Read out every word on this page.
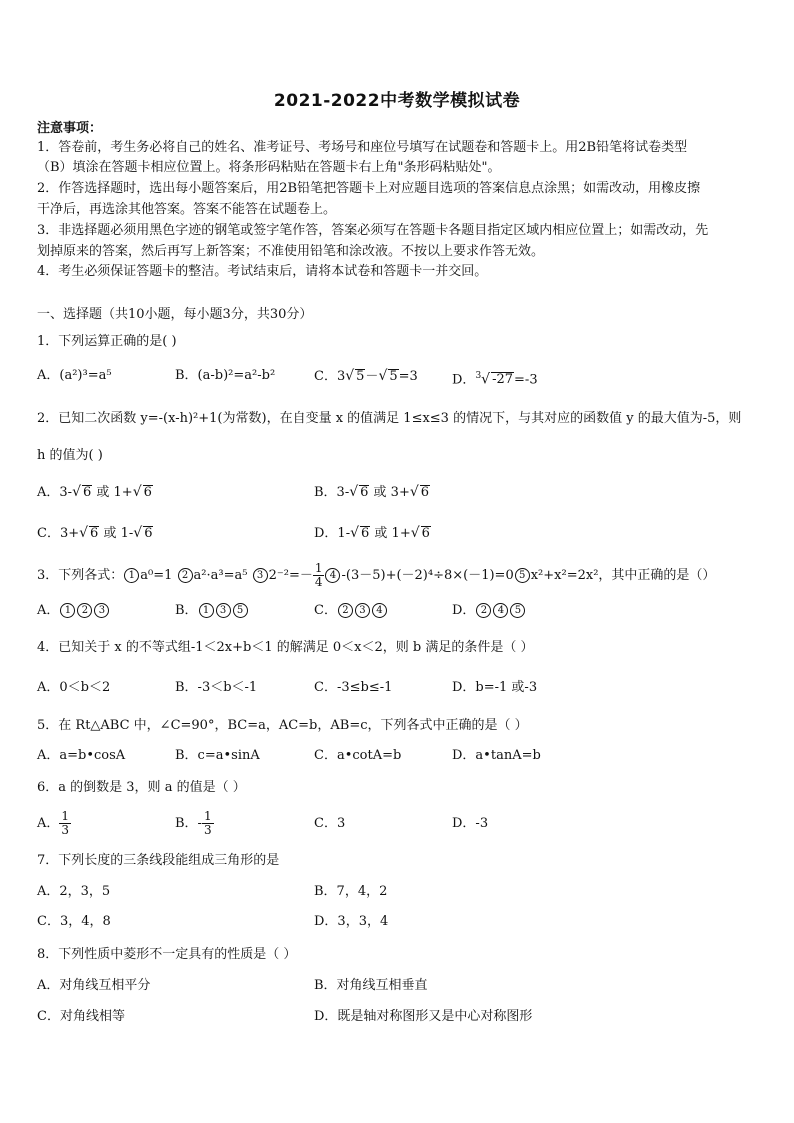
2021-2022中考数学模拟试卷
注意事项：
1．答卷前，考生务必将自己的姓名、准考证号、考场号和座位号填写在试题卷和答题卡上。用2B铅笔将试卷类型
（B）填涂在答题卡相应位置上。将条形码粘贴在答题卡右上角"条形码粘贴处"。
2．作答选择题时，选出每小题答案后，用2B铅笔把答题卡上对应题目选项的答案信息点涂黑；如需改动，用橡皮擦
干净后，再选涂其他答案。答案不能答在试题卷上。
3．非选择题必须用黑色字迹的钢笔或签字笔作答，答案必须写在答题卡各题目指定区域内相应位置上；如需改动，先
划掉原来的答案，然后再写上新答案；不准使用铅笔和涂改液。不按以上要求作答无效。
4．考生必须保证答题卡的整洁。考试结束后，请将本试卷和答题卡一并交回。
一、选择题（共10小题，每小题3分，共30分）
1．下列运算正确的是( )
A．(a²)³=a⁵	B．(a-b)²=a²-b²	C．3√ 5－√ 5=3	D．$^3$√ -27=-3
2．已知二次函数 y=-(x-h)²+1(为常数)，在自变量 x 的值满足 1≤x≤3 的情况下，与其对应的函数值 y 的最大值为-5，则
h 的值为( )
A．3-√ 6 或 1+√ 6	B．3-√ 6 或 3+√ 6
C．3+√ 6 或 1-√ 6	D．1-√ 6 或 1+√ 6
3．下列各式： 1 a⁰=1 2 a²·a³=a⁵ 3 $2^{-2}=- \frac{1}{4} 4$ -(3－5)+(－2)⁴÷8×(－1)=0 5 x²+x²=2x²，其中正确的是（）
A． 1 2 3	B． 1 3 5	C． 2 3 4	D． 2 4 5
4．已知关于 x 的不等式组-1＜2x+b＜1 的解满足 0＜x＜2，则 b 满足的条件是（ ）
A．0＜b＜2	B．-3＜b＜-1	C．-3≤b≤-1	D．b=-1 或-3
5．在 Rt△ABC 中，∠C=90°，BC=a，AC=b，AB=c，下列各式中正确的是（ ）
A．a=b•cosA	B．c=a•sinA	C．a•cotA=b	D．a•tanA=b
6．a 的倒数是 3，则 a 的值是（ ）
A． $\frac{1}{3}$	B．- $\frac{1}{3}$	C．3	D．-3
7．下列长度的三条线段能组成三角形的是
A．2，3，5	B．7，4，2
C．3，4，8	D．3，3，4
8．下列性质中菱形不一定具有的性质是（ ）
A．对角线互相平分	B．对角线互相垂直
C．对角线相等	D．既是轴对称图形又是中心对称图形
